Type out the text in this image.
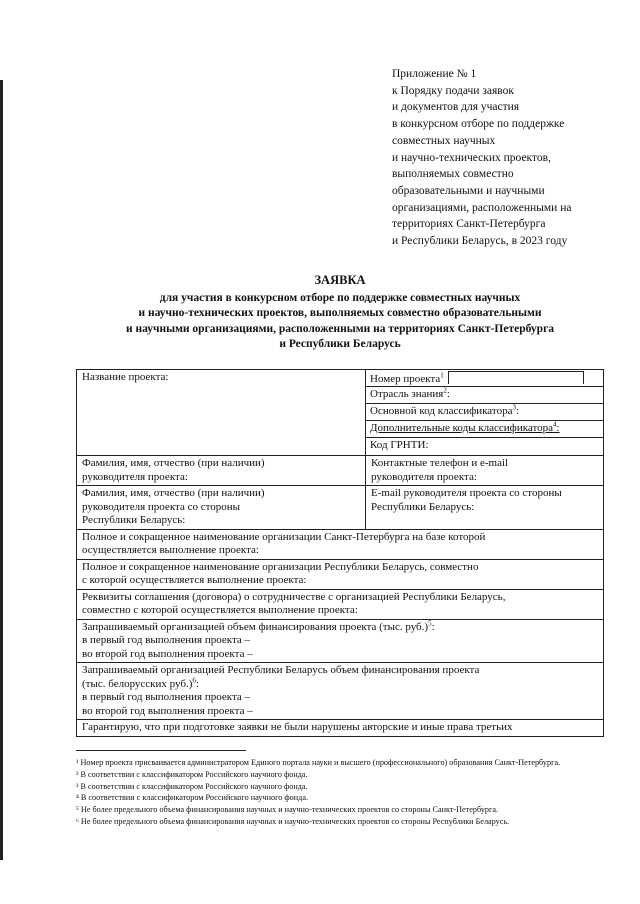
Приложение № 1
к Порядку подачи заявок
и документов для участия
в конкурсном отборе по поддержке
совместных научных
и научно-технических проектов,
выполняемых совместно
образовательными и научными
организациями, расположенными на
территориях Санкт-Петербурга
и Республики Беларусь, в 2023 году
ЗАЯВКА
для участия в конкурсном отборе по поддержке совместных научных
и научно-технических проектов, выполняемых совместно образовательными
и научными организациями, расположенными на территориях Санкт-Петербурга
и Республики Беларусь
Название проекта:	Номер проекта$^1$
Отрасль знания$^2$:
Основной код классификатора$^3$:
Дополнительные коды классификатора$^4$:
Код ГРНТИ:
Фамилия, имя, отчество (при наличии)
руководителя проекта:
Контактные телефон и e-mail
руководителя проекта:
Фамилия, имя, отчество (при наличии)
руководителя проекта со стороны
Республики Беларусь:
E-mail руководителя проекта со стороны
Республики Беларусь:
Полное и сокращенное наименование организации Санкт-Петербурга на базе которой
осуществляется выполнение проекта:
Полное и сокращенное наименование организации Республики Беларусь, совместно
с которой осуществляется выполнение проекта:
Реквизиты соглашения (договора) о сотрудничестве с организацией Республики Беларусь,
совместно с которой осуществляется выполнение проекта:
Запрашиваемый организацией объем финансирования проекта (тыс. руб.)$^5$:
в первый год выполнения проекта –
во второй год выполнения проекта –
Запрашиваемый организацией Республики Беларусь объем финансирования проекта
(тыс. белорусских руб.)$^6$:
в первый год выполнения проекта –
во второй год выполнения проекта –
Гарантирую, что при подготовке заявки не были нарушены авторские и иные права третьих

¹ Номер проекта присваивается администратором Единого портала науки и высшего (профессионального) образования Санкт-Петербурга.

² В соответствии с классификатором Российского научного фонда.

³ В соответствии с классификатором Российского научного фонда.

⁴ В соответствии с классификатором Российского научного фонда.

⁵ Не более предельного объема финансирования научных и научно-технических проектов со стороны Санкт-Петербурга.

⁶ Не более предельного объема финансирования научных и научно-технических проектов со стороны Республики Беларусь.
